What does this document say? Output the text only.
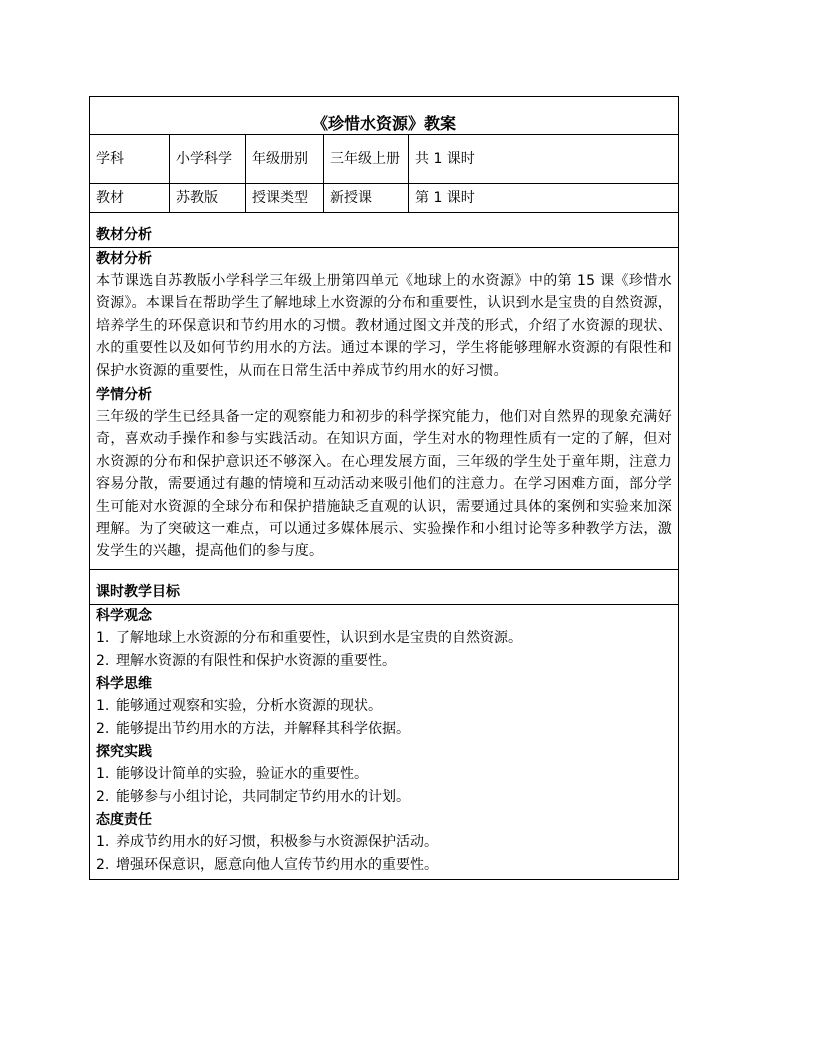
《珍惜水资源》教案
学科	小学科学	年级册别	三年级上册	共 1 课时
教材	苏教版	授课类型	新授课	第 1 课时
教材分析
教材分析
本节课选自苏教版小学科学三年级上册第四单元《地球上的水资源》中的第 15 课《珍惜水资源》。本课旨在帮助学生了解地球上水资源的分布和重要性，认识到水是宝贵的自然资源，培养学生的环保意识和节约用水的习惯。教材通过图文并茂的形式，介绍了水资源的现状、水的重要性以及如何节约用水的方法。通过本课的学习，学生将能够理解水资源的有限性和保护水资源的重要性，从而在日常生活中养成节约用水的好习惯。
学情分析
三年级的学生已经具备一定的观察能力和初步的科学探究能力，他们对自然界的现象充满好奇，喜欢动手操作和参与实践活动。在知识方面，学生对水的物理性质有一定的了解，但对水资源的分布和保护意识还不够深入。在心理发展方面，三年级的学生处于童年期，注意力容易分散，需要通过有趣的情境和互动活动来吸引他们的注意力。在学习困难方面，部分学生可能对水资源的全球分布和保护措施缺乏直观的认识，需要通过具体的案例和实验来加深理解。为了突破这一难点，可以通过多媒体展示、实验操作和小组讨论等多种教学方法，激发学生的兴趣，提高他们的参与度。
课时教学目标
科学观念
1. 了解地球上水资源的分布和重要性，认识到水是宝贵的自然资源。
2. 理解水资源的有限性和保护水资源的重要性。
科学思维
1. 能够通过观察和实验，分析水资源的现状。
2. 能够提出节约用水的方法，并解释其科学依据。
探究实践
1. 能够设计简单的实验，验证水的重要性。
2. 能够参与小组讨论，共同制定节约用水的计划。
态度责任
1. 养成节约用水的好习惯，积极参与水资源保护活动。
2. 增强环保意识，愿意向他人宣传节约用水的重要性。
